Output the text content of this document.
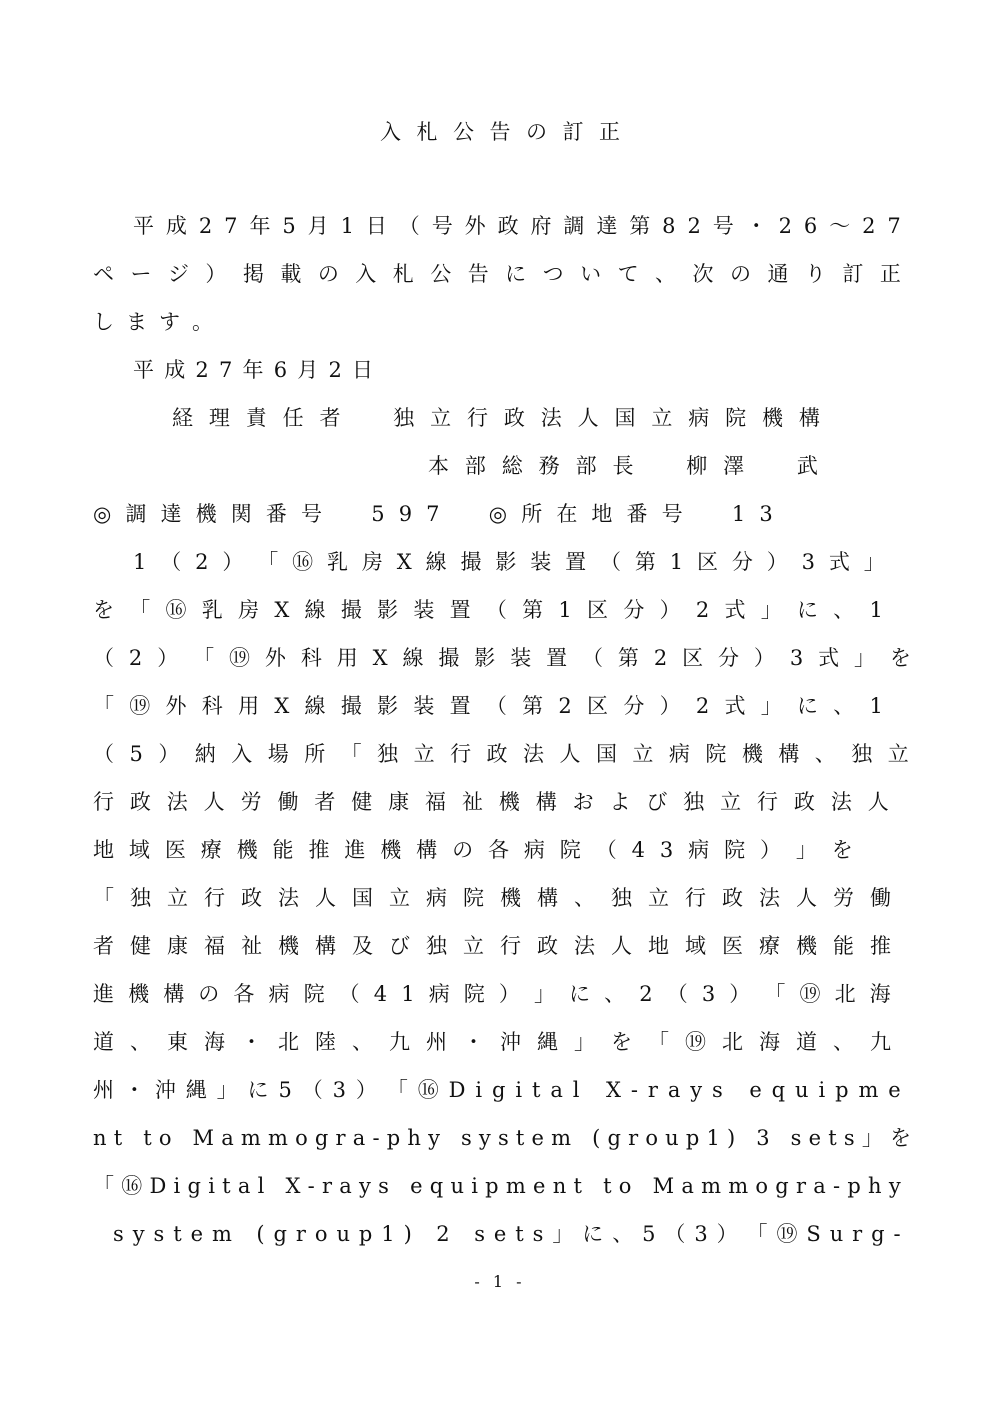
入 札 公 告 の 訂 正
平 成 2 7 年 5 月 1 日 （ 号 外 政 府 調 達 第 8 2 号 ・ 2 6 ～ 2 7
ペ ー ジ ） 掲 載 の 入 札 公 告 に つ い て 、 次 の 通 り 訂 正
し ま す 。
平 成 2 7 年 6 月 2 日
経 理 責 任 者
　	独 立 行 政 法 人 国 立 病 院 機 構
本 部 総 務 部 長
　	柳 澤
　	武
◎ 調 達 機 関 番 号
　 5 9 7
　 ◎ 所 在 地 番 号
　 1 3
1 （ 2 ） 「 ⑯ 乳 房 X 線 撮 影 装 置 （ 第 1 区 分 ） 3 式 」
を 「 ⑯ 乳 房 X 線 撮 影 装 置 （ 第 1 区 分 ） 2 式 」 に 、 1
（ 2 ） 「 ⑲ 外 科 用 X 線 撮 影 装 置 （ 第 2 区 分 ） 3 式 」 を
「 ⑲ 外 科 用 X 線 撮 影 装 置 （ 第 2 区 分 ） 2 式 」 に 、 1
（ 5 ） 納 入 場 所 「 独 立 行 政 法 人 国 立 病 院 機 構 、 独 立
行 政 法 人 労 働 者 健 康 福 祉 機 構 お よ び 独 立 行 政 法 人
地 域 医 療 機 能 推 進 機 構 の 各 病 院 （ 4 3 病 院 ） 」 を
「 独 立 行 政 法 人 国 立 病 院 機 構 、 独 立 行 政 法 人 労 働
者 健 康 福 祉 機 構 及 び 独 立 行 政 法 人 地 域 医 療 機 能 推
進 機 構 の 各 病 院 （ 4 1 病 院 ） 」 に 、 2 （ 3 ） 「 ⑲ 北 海
道 、 東 海 ・ 北 陸 、 九 州 ・ 沖 縄 」 を 「 ⑲ 北 海 道 、 九
州 ・ 沖 縄 」 に 5 （ 3 ） 「 ⑯ D i g i t a l
X - r a y s
e q u i p m e
n t
t o
M a m m o g r a - p h y
s y s t e m
( g r o u p 1 )
3
s e t s 」 を
「 ⑯ D i g i t a l
X - r a y s
e q u i p m e n t
t o
M a m m o g r a - p h y
s y s t e m
( g r o u p 1 )
2
s e t s 」 に 、 5 （ 3 ） 「 ⑲ S u r g -
- 1 -
